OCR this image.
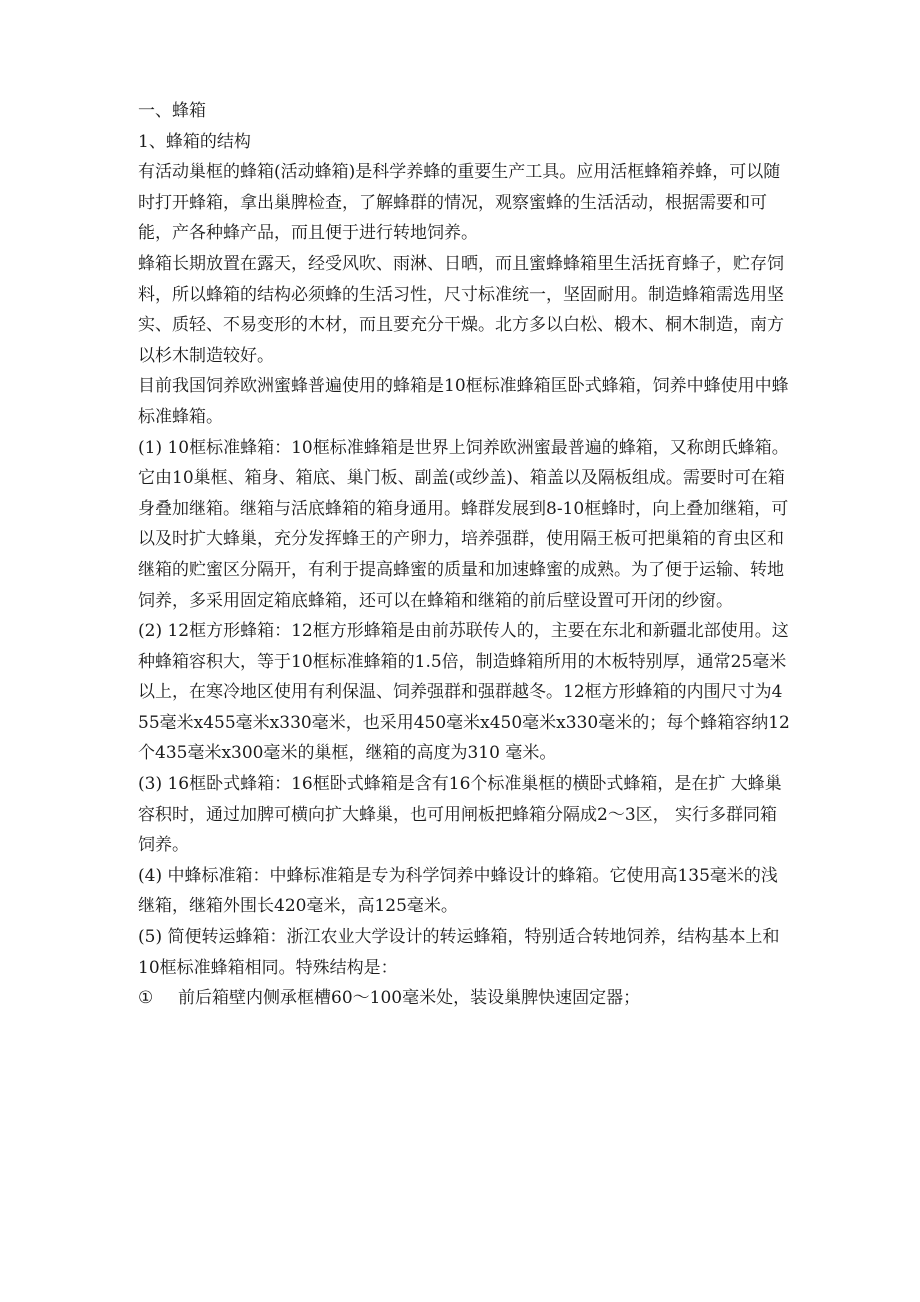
一、蜂箱

1、蜂箱的结构

有活动巢框的蜂箱(活动蜂箱)是科学养蜂的重要生产工具。应用活框蜂箱养蜂，可以随时打开蜂箱，拿出巢脾检查，了解蜂群的情况，观察蜜蜂的生活活动，根据需要和可能，产各种蜂产品，而且便于进行转地饲养。

蜂箱长期放置在露天，经受风吹、雨淋、日晒，而且蜜蜂蜂箱里生活抚育蜂子，贮存饲料，所以蜂箱的结构必须蜂的生活习性，尺寸标准统一，坚固耐用。制造蜂箱需选用坚实、质轻、不易变形的木材，而且要充分干燥。北方多以白松、椴木、桐木制造，南方以杉木制造较好。

目前我国饲养欧洲蜜蜂普遍使用的蜂箱是10框标准蜂箱匡卧式蜂箱，饲养中蜂使用中蜂标准蜂箱。

(1) 10框标准蜂箱：10框标准蜂箱是世界上饲养欧洲蜜最普遍的蜂箱，又称朗氏蜂箱。它由10巢框、箱身、箱底、巢门板、副盖(或纱盖)、箱盖以及隔板组成。需要时可在箱身叠加继箱。继箱与活底蜂箱的箱身通用。蜂群发展到8-10框蜂时，向上叠加继箱，可以及时扩大蜂巢，充分发挥蜂王的产卵力，培养强群，使用隔王板可把巢箱的育虫区和继箱的贮蜜区分隔开，有利于提高蜂蜜的质量和加速蜂蜜的成熟。为了便于运输、转地饲养，多采用固定箱底蜂箱，还可以在蜂箱和继箱的前后壁设置可开闭的纱窗。

(2) 12框方形蜂箱：12框方形蜂箱是由前苏联传人的，主要在东北和新疆北部使用。这种蜂箱容积大，等于10框标准蜂箱的1.5倍，制造蜂箱所用的木板特别厚，通常25毫米以上，在寒冷地区使用有利保温、饲养强群和强群越冬。12框方形蜂箱的内围尺寸为455毫米x455毫米x330毫米，也采用450毫米x450毫米x330毫米的；每个蜂箱容纳12个435毫米x300毫米的巢框，继箱的高度为310 毫米。

(3) 16框卧式蜂箱：16框卧式蜂箱是含有16个标准巢框的横卧式蜂箱，是在扩 大蜂巢容积时，通过加脾可横向扩大蜂巢，也可用闸板把蜂箱分隔成2〜3区， 实行多群同箱饲养。

(4) 中蜂标准箱：中蜂标准箱是专为科学饲养中蜂设计的蜂箱。它使用高135毫米的浅继箱，继箱外围长420毫米，高125毫米。

(5) 简便转运蜂箱：浙江农业大学设计的转运蜂箱，特别适合转地饲养，结构基本上和10框标准蜂箱相同。特殊结构是：

①	前后箱壁内侧承框槽60〜100毫米处，装设巢脾快速固定器；
